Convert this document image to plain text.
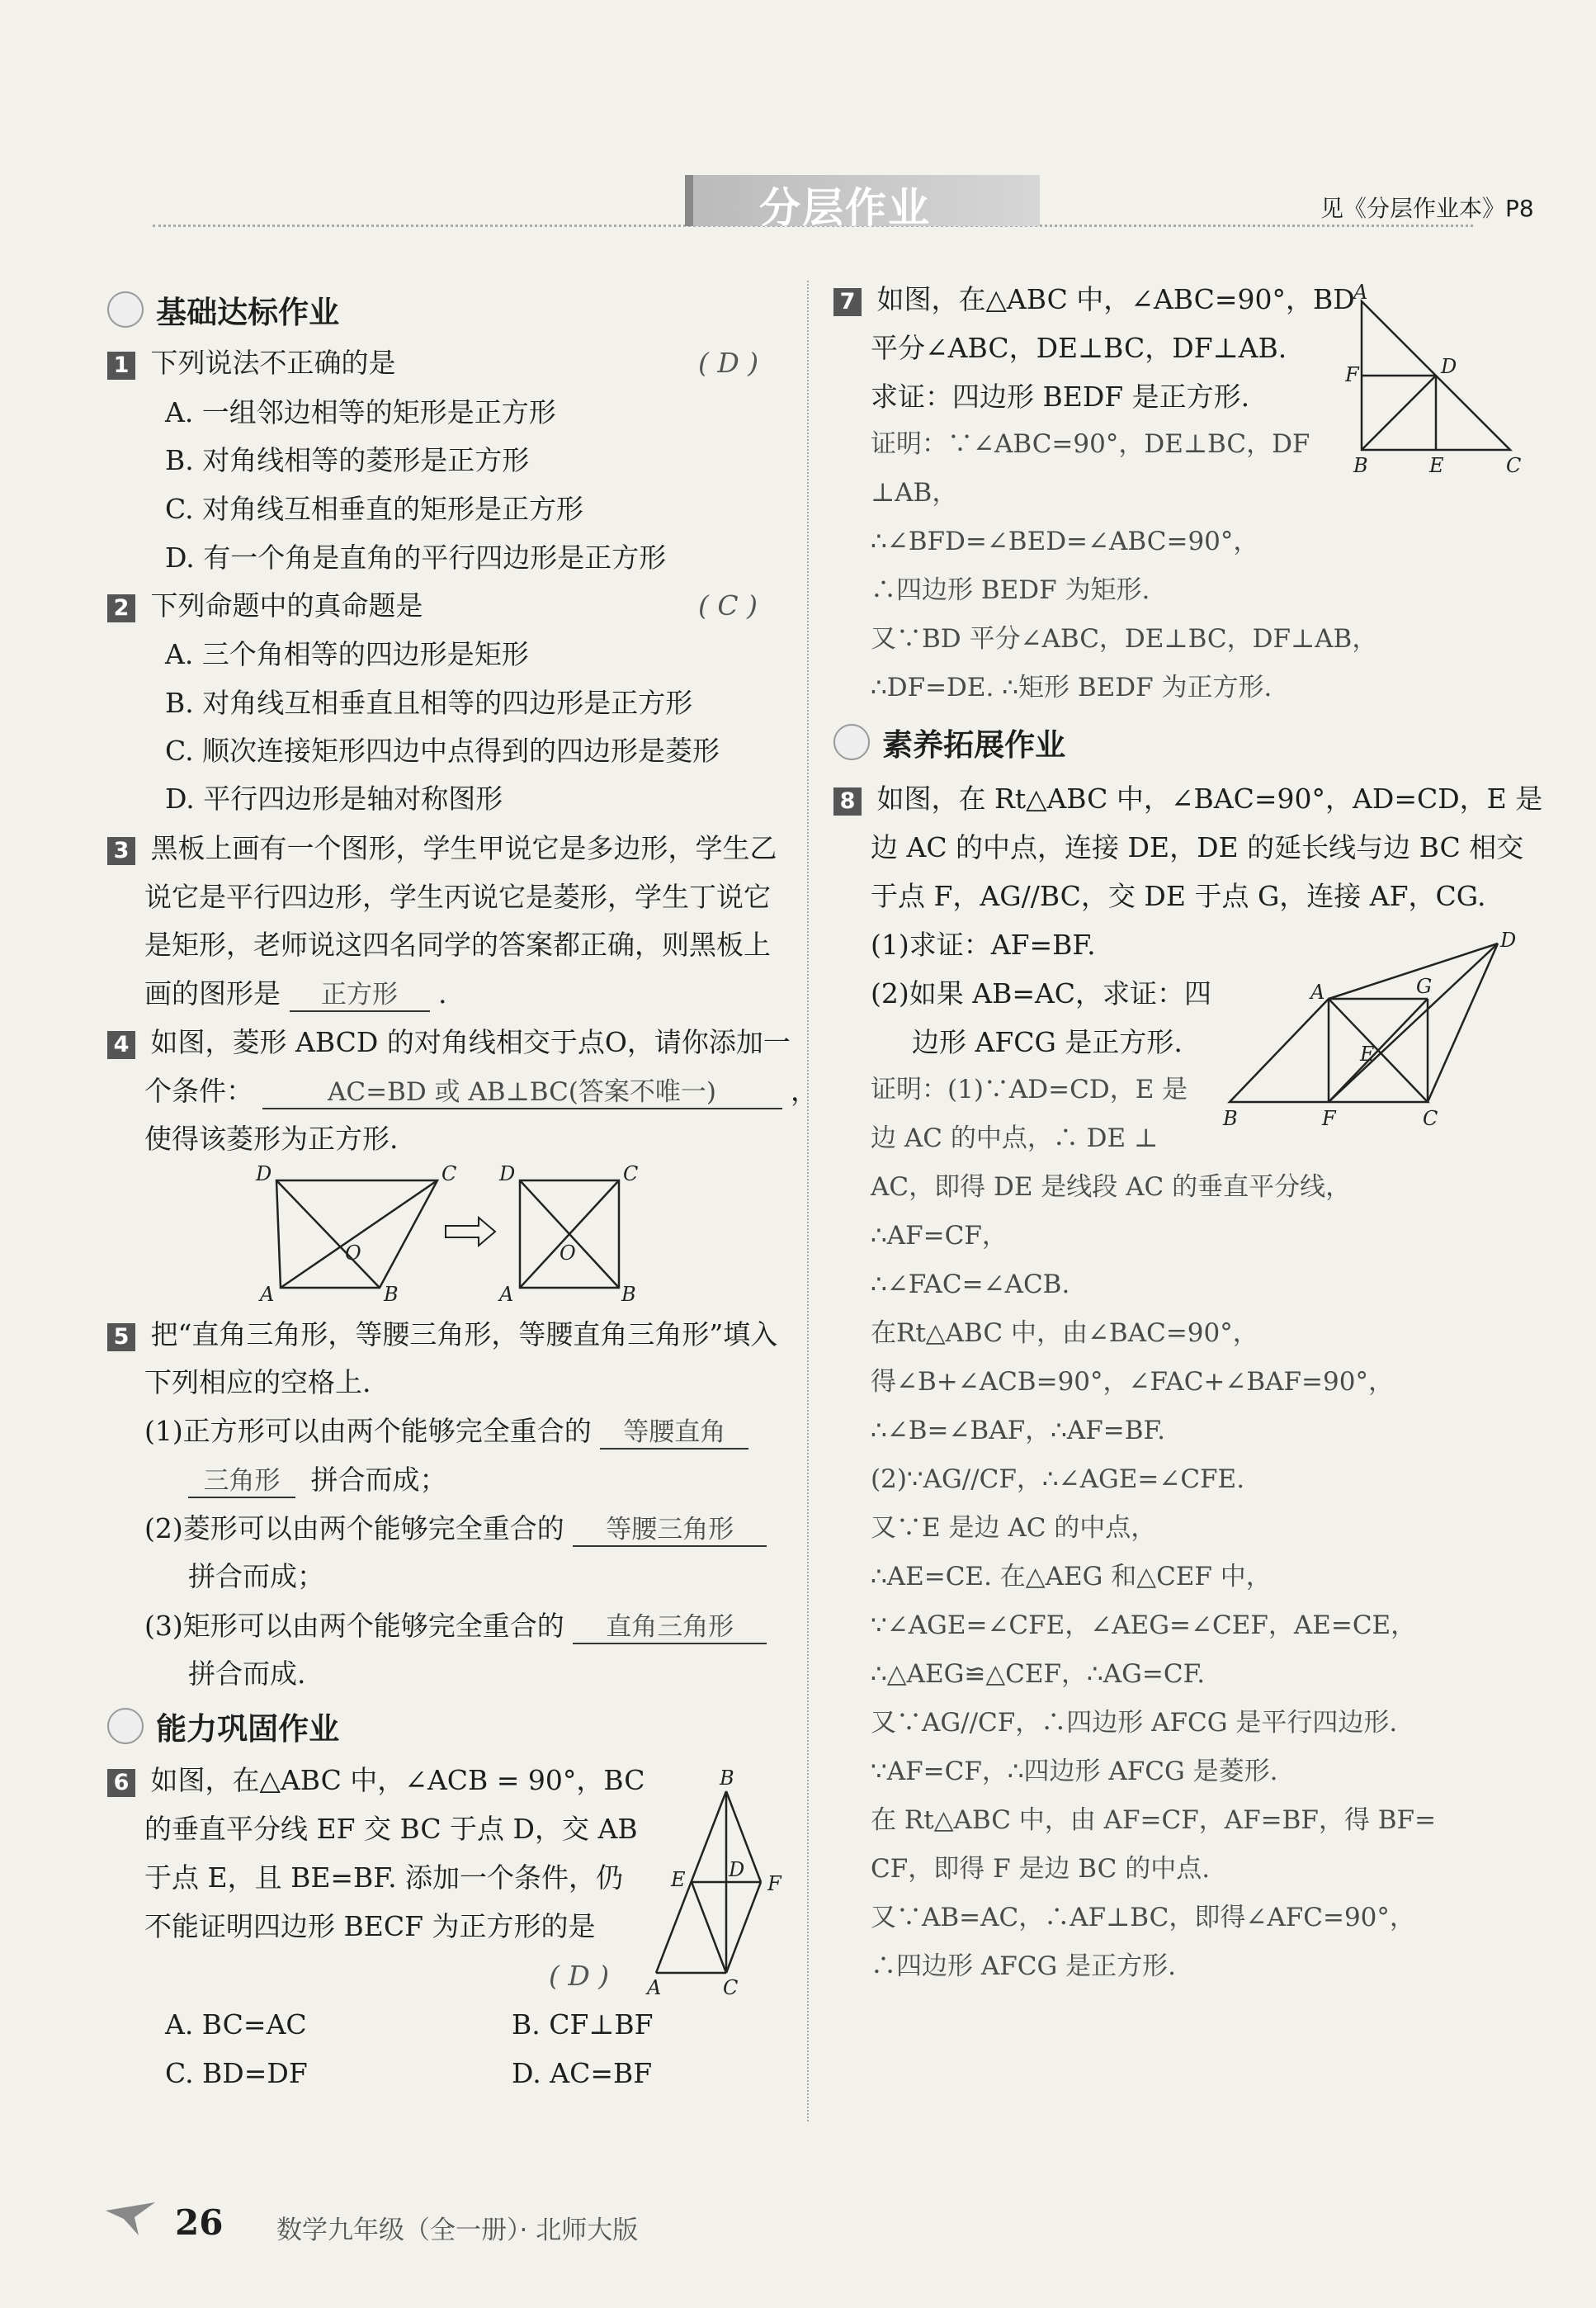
分层作业	见《分层作业本》P8
基础达标作业
1 下列说法不正确的是	( D )
A. 一组邻边相等的矩形是正方形
B. 对角线相等的菱形是正方形
C. 对角线互相垂直的矩形是正方形
D. 有一个角是直角的平行四边形是正方形
2 下列命题中的真命题是	( C )
A. 三个角相等的四边形是矩形
B. 对角线互相垂直且相等的四边形是正方形
C. 顺次连接矩形四边中点得到的四边形是菱形
D. 平行四边形是轴对称图形
3 黑板上画有一个图形，学生甲说它是多边形，学生乙
说它是平行四边形，学生丙说它是菱形，学生丁说它
是矩形，老师说这四名同学的答案都正确，则黑板上
画的图形是 正方形 .
4 如图，菱形 ABCD 的对角线相交于点O，请你添加一
个条件：	AC=BD 或 AB⊥BC(答案不唯一)	，
使得该菱形为正方形.
D	C
A	B
O
D	C
A	B
O
5 把“直角三角形，等腰三角形，等腰直角三角形”填入
下列相应的空格上.
(1)正方形可以由两个能够完全重合的 等腰直角
三角形 拼合而成；
(2)菱形可以由两个能够完全重合的 等腰三角形
拼合而成；
(3)矩形可以由两个能够完全重合的 直角三角形
拼合而成.
能力巩固作业
6 如图，在△ABC 中，∠ACB = 90°，BC
的垂直平分线 EF 交 BC 于点 D，交 AB
于点 E，且 BE=BF. 添加一个条件，仍
不能证明四边形 BECF 为正方形的是
( D )
A. BC=AC	B. CF⊥BF
C. BD=DF	D. AC=BF
B
E D
F
A	C
7 如图，在△ABC 中，∠ABC=90°，BD
平分∠ABC，DE⊥BC，DF⊥AB.
求证：四边形 BEDF 是正方形.
证明：∵∠ABC=90°，DE⊥BC，DF
⊥AB，
∴∠BFD=∠BED=∠ABC=90°，
∴四边形 BEDF 为矩形.
又∵BD 平分∠ABC，DE⊥BC，DF⊥AB，
∴DF=DE. ∴矩形 BEDF 为正方形.
A
F	D
B	E	C
素养拓展作业
8 如图，在 Rt△ABC 中，∠BAC=90°，AD=CD，E 是
边 AC 的中点，连接 DE，DE 的延长线与边 BC 相交
于点 F，AG//BC，交 DE 于点 G，连接 AF，CG.
(1)求证：AF=BF.
(2)如果 AB=AC，求证：四
边形 AFCG 是正方形.
证明：(1)∵AD=CD，E 是
边 AC 的中点，∴ DE ⊥
AC，即得 DE 是线段 AC 的垂直平分线，
∴AF=CF，
∴∠FAC=∠ACB.
在Rt△ABC 中，由∠BAC=90°，
得∠B+∠ACB=90°，∠FAC+∠BAF=90°，
∴∠B=∠BAF，∴AF=BF.
(2)∵AG//CF，∴∠AGE=∠CFE.
又∵E 是边 AC 的中点，
∴AE=CE. 在△AEG 和△CEF 中，
∵∠AGE=∠CFE，∠AEG=∠CEF，AE=CE，
∴△AEG≌△CEF，∴AG=CF.
又∵AG//CF，∴四边形 AFCG 是平行四边形.
∵AF=CF，∴四边形 AFCG 是菱形.
在 Rt△ABC 中，由 AF=CF，AF=BF，得 BF=
CF，即得 F 是边 BC 的中点.
又∵AB=AC，∴AF⊥BC，即得∠AFC=90°，
∴四边形 AFCG 是正方形.
D
A	G
E
B	F	C
26 数学九年级（全一册）· 北师大版
